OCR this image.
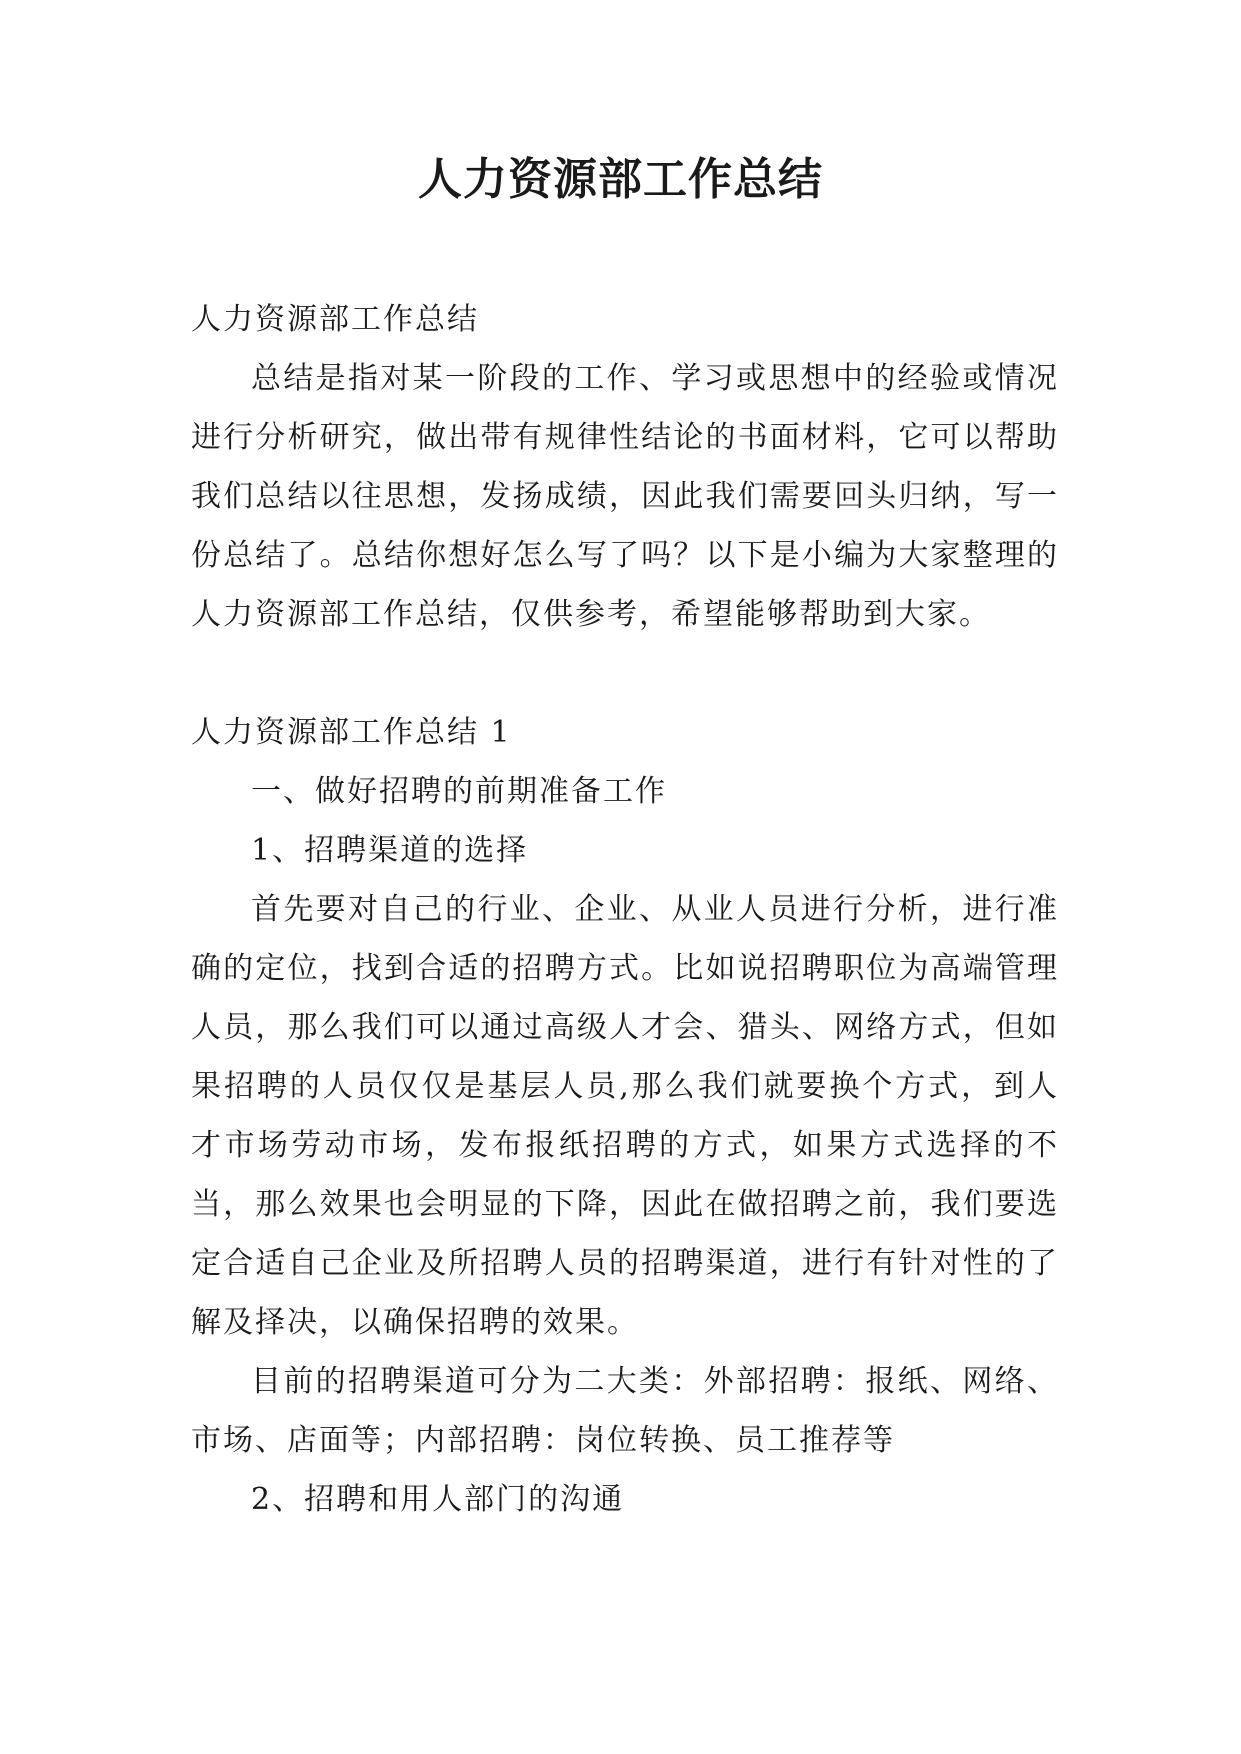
人力资源部工作总结

人力资源部工作总结

总结是指对某一阶段的工作、学习或思想中的经验或情况进行分析研究，做出带有规律性结论的书面材料，它可以帮助我们总结以往思想，发扬成绩，因此我们需要回头归纳，写一份总结了。总结你想好怎么写了吗？以下是小编为大家整理的人力资源部工作总结，仅供参考，希望能够帮助到大家。

人力资源部工作总结 1

一、做好招聘的前期准备工作

1、招聘渠道的选择

首先要对自己的行业、企业、从业人员进行分析，进行准确的定位，找到合适的招聘方式。比如说招聘职位为高端管理人员，那么我们可以通过高级人才会、猎头、网络方式，但如果招聘的人员仅仅是基层人员,那么我们就要换个方式，到人才市场劳动市场，发布报纸招聘的方式，如果方式选择的不当，那么效果也会明显的下降，因此在做招聘之前，我们要选定合适自己企业及所招聘人员的招聘渠道，进行有针对性的了解及择决，以确保招聘的效果。

目前的招聘渠道可分为二大类：外部招聘：报纸、网络、市场、店面等；内部招聘：岗位转换、员工推荐等

2、招聘和用人部门的沟通
